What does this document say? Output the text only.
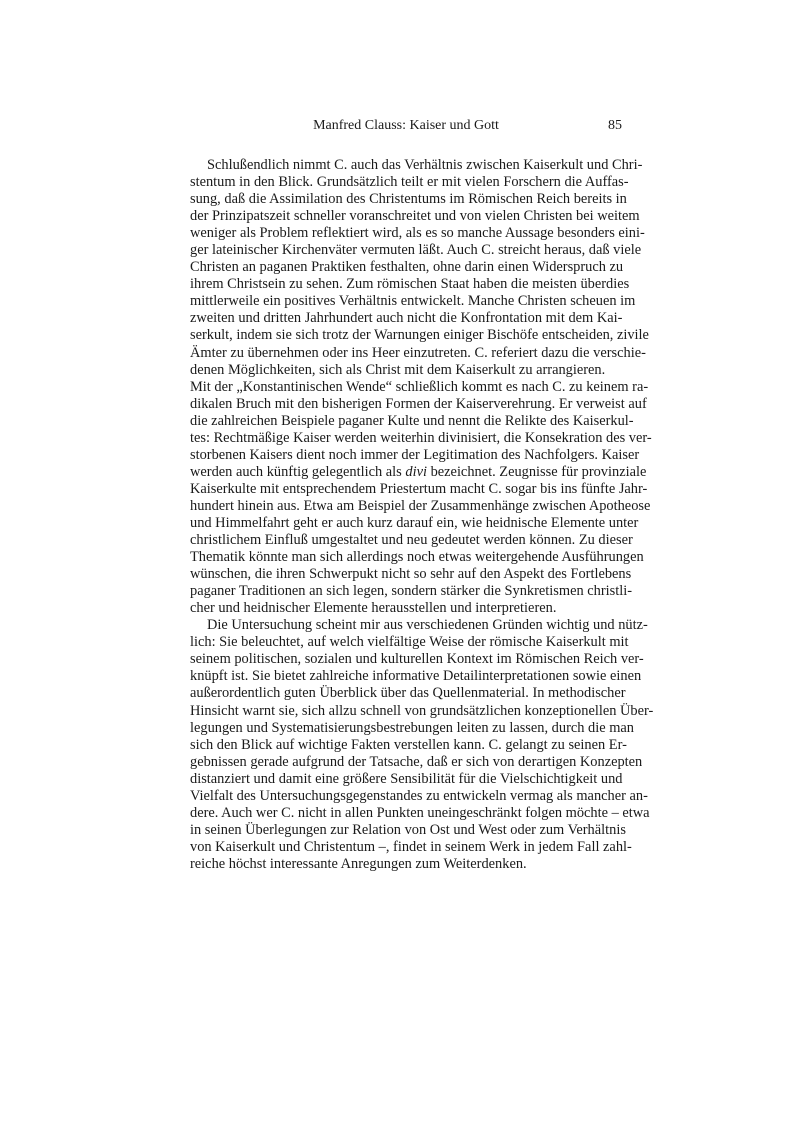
Manfred Clauss: Kaiser und Gott	85
Schlußendlich nimmt C. auch das Verhältnis zwischen Kaiserkult und Chri-
stentum in den Blick. Grundsätzlich teilt er mit vielen Forschern die Auffas-
sung, daß die Assimilation des Christentums im Römischen Reich bereits in
der Prinzipatszeit schneller voranschreitet und von vielen Christen bei weitem
weniger als Problem reflektiert wird, als es so manche Aussage besonders eini-
ger lateinischer Kirchenväter vermuten läßt. Auch C. streicht heraus, daß viele
Christen an paganen Praktiken festhalten, ohne darin einen Widerspruch zu
ihrem Christsein zu sehen. Zum römischen Staat haben die meisten überdies
mittlerweile ein positives Verhältnis entwickelt. Manche Christen scheuen im
zweiten und dritten Jahrhundert auch nicht die Konfrontation mit dem Kai-
serkult, indem sie sich trotz der Warnungen einiger Bischöfe entscheiden, zivile
Ämter zu übernehmen oder ins Heer einzutreten. C. referiert dazu die verschie-
denen Möglichkeiten, sich als Christ mit dem Kaiserkult zu arrangieren.
Mit der „Konstantinischen Wende“ schließlich kommt es nach C. zu keinem ra-
dikalen Bruch mit den bisherigen Formen der Kaiserverehrung. Er verweist auf
die zahlreichen Beispiele paganer Kulte und nennt die Relikte des Kaiserkul-
tes: Rechtmäßige Kaiser werden weiterhin divinisiert, die Konsekration des ver-
storbenen Kaisers dient noch immer der Legitimation des Nachfolgers. Kaiser
werden auch künftig gelegentlich als divi bezeichnet. Zeugnisse für provinziale
Kaiserkulte mit entsprechendem Priestertum macht C. sogar bis ins fünfte Jahr-
hundert hinein aus. Etwa am Beispiel der Zusammenhänge zwischen Apotheose
und Himmelfahrt geht er auch kurz darauf ein, wie heidnische Elemente unter
christlichem Einfluß umgestaltet und neu gedeutet werden können. Zu dieser
Thematik könnte man sich allerdings noch etwas weitergehende Ausführungen
wünschen, die ihren Schwerpukt nicht so sehr auf den Aspekt des Fortlebens
paganer Traditionen an sich legen, sondern stärker die Synkretismen christli-
cher und heidnischer Elemente herausstellen und interpretieren.
Die Untersuchung scheint mir aus verschiedenen Gründen wichtig und nütz-
lich: Sie beleuchtet, auf welch vielfältige Weise der römische Kaiserkult mit
seinem politischen, sozialen und kulturellen Kontext im Römischen Reich ver-
knüpft ist. Sie bietet zahlreiche informative Detailinterpretationen sowie einen
außerordentlich guten Überblick über das Quellenmaterial. In methodischer
Hinsicht warnt sie, sich allzu schnell von grundsätzlichen konzeptionellen Über-
legungen und Systematisierungsbestrebungen leiten zu lassen, durch die man
sich den Blick auf wichtige Fakten verstellen kann. C. gelangt zu seinen Er-
gebnissen gerade aufgrund der Tatsache, daß er sich von derartigen Konzepten
distanziert und damit eine größere Sensibilität für die Vielschichtigkeit und
Vielfalt des Untersuchungsgegenstandes zu entwickeln vermag als mancher an-
dere. Auch wer C. nicht in allen Punkten uneingeschränkt folgen möchte – etwa
in seinen Überlegungen zur Relation von Ost und West oder zum Verhältnis
von Kaiserkult und Christentum –, findet in seinem Werk in jedem Fall zahl-
reiche höchst interessante Anregungen zum Weiterdenken.
